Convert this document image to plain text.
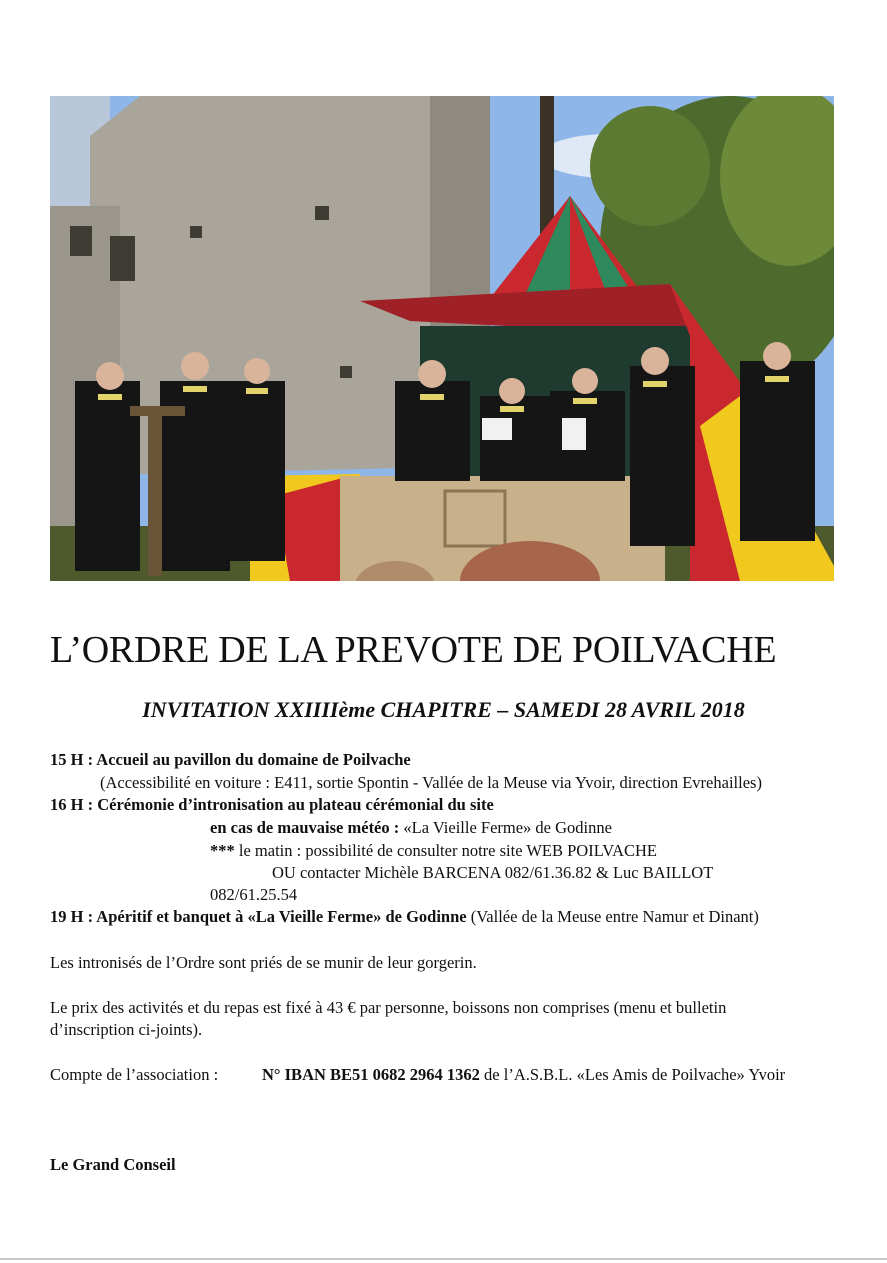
L’ORDRE DE LA PREVOTE DE POILVACHE
INVITATION XXIIIIème CHAPITRE – SAMEDI 28 AVRIL 2018
15 H : Accueil au pavillon du domaine de Poilvache
(Accessibilité en voiture : E411, sortie Spontin - Vallée de la Meuse via Yvoir, direction Evrehailles)
16 H : Cérémonie d’intronisation au plateau cérémonial du site
en cas de mauvaise météo : «La Vieille Ferme» de Godinne
*** le matin : possibilité de consulter notre site WEB POILVACHE
OU contacter Michèle BARCENA 082/61.36.82 & Luc BAILLOT
082/61.25.54
19 H : Apéritif et banquet à «La Vieille Ferme» de Godinne (Vallée de la Meuse entre Namur et Dinant)
Les intronisés de l’Ordre sont priés de se munir de leur gorgerin.
Le prix des activités et du repas est fixé à 43 € par personne, boissons non comprises (menu et bulletin
d’inscription ci-joints).
Compte de l’association :	N° IBAN BE51 0682 2964 1362 de l’A.S.B.L. «Les Amis de Poilvache» Yvoir
Le Grand Conseil
